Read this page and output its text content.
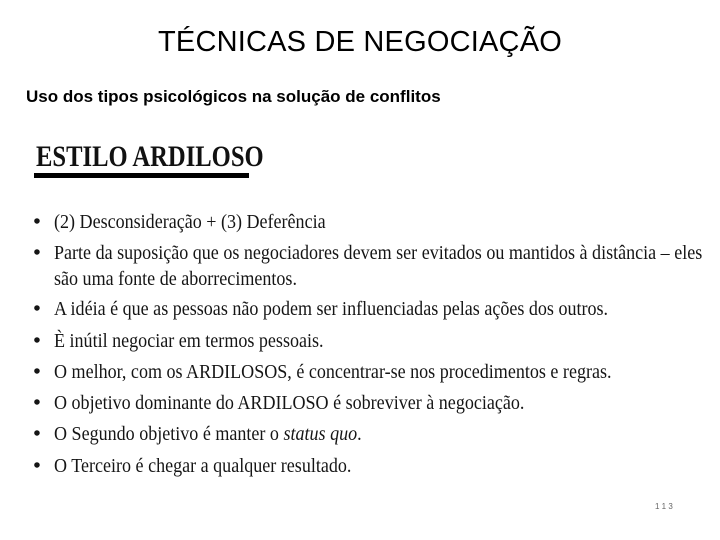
TÉCNICAS DE NEGOCIAÇÃO
Uso dos tipos psicológicos na solução de conflitos
ESTILO ARDILOSO
• (2) Desconsideração + (3) Deferência
• Parte da suposição que os negociadores devem ser evitados ou mantidos à distância – eles
são uma fonte de aborrecimentos.
• A idéia é que as pessoas não podem ser influenciadas pelas ações dos outros.
• È inútil negociar em termos pessoais.
• O melhor, com os ARDILOSOS, é concentrar-se nos procedimentos e regras.
• O objetivo dominante do ARDILOSO é sobreviver à negociação.
• O Segundo objetivo é manter o status quo.
• O Terceiro é chegar a qualquer resultado.
1 1 3
